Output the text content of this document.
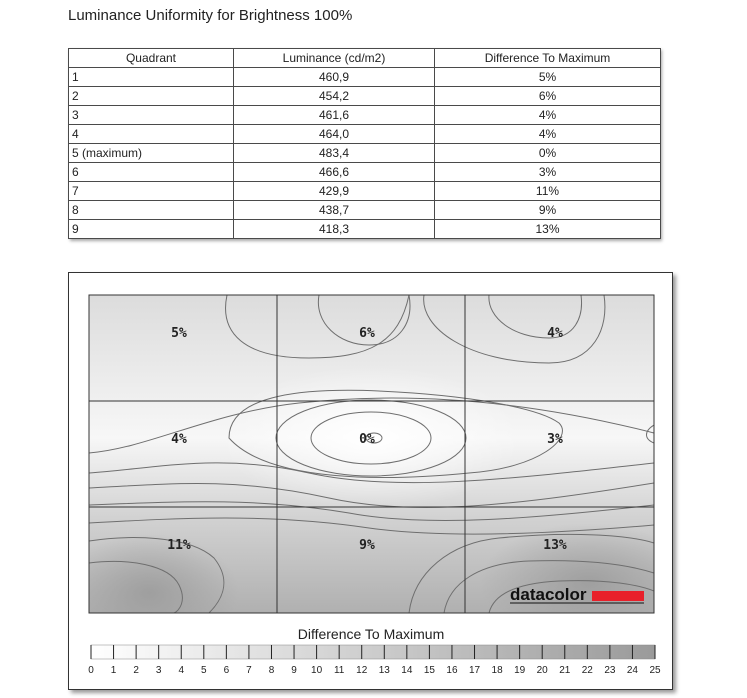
Luminance Uniformity for Brightness 100%
Quadrant	Luminance (cd/m2)	Difference To Maximum
1	460,9	5%
2	454,2	6%
3	461,6	4%
4	464,0	4%
5 (maximum)	483,4	0%
6	466,6	3%
7	429,9	11%
8	438,7	9%
9	418,3	13%
5%	6%	4%
4%	0%	3%
11%	9%	13%
datacolor
Difference To Maximum
0 1 2 3 4 5 6 7 8 9 10 11 12 13 14 15 16 17 18 19 20 21 22 23 24 25
